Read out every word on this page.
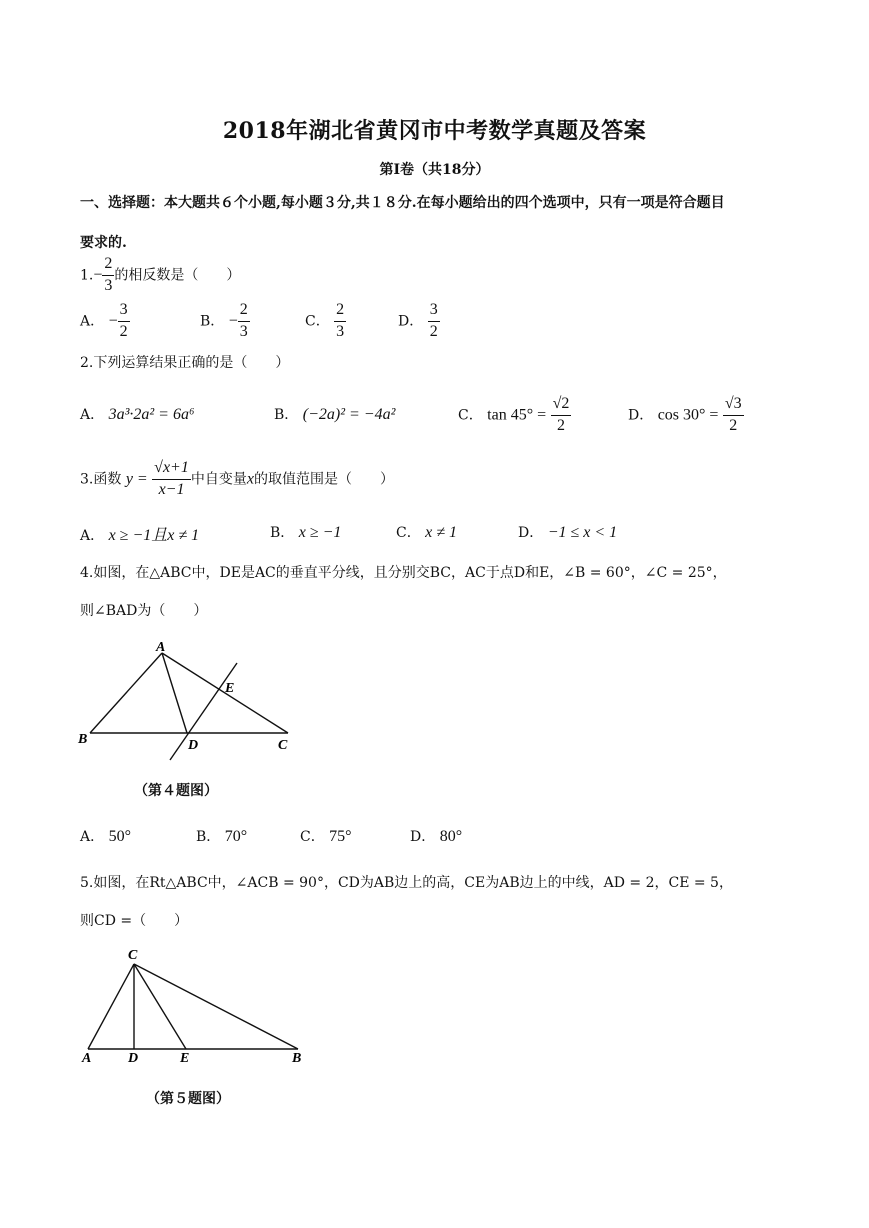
2018年湖北省黄冈市中考数学真题及答案
第Ⅰ卷（共18分）
一、选择题：本大题共６个小题,每小题３分,共１８分.在每小题给出的四个选项中，只有一项是符合题目
要求的.
$1.- \frac{2}{3}$ 的相反数是（　　）
A． − $\frac{3}{2}$	B． − $\frac{2}{3}$	C． $\frac{2}{3}$	D． $\frac{3}{2}$
2.下列运算结果正确的是（　　）
A． 3a³·2a² = 6a⁶	B． (−2a)² = −4a²	C． $\tan 45^\circ = \frac{√2}{2}$	D． $\cos 30^\circ = \frac{√3}{2}$
3.函数 $y = \frac{√x+1}{x-1}$ 中自变量x的取值范围是（　　）
A． x ≥ −1且x ≠ 1	B． x ≥ −1	C． x ≠ 1	D． −1 ≤ x < 1
4.如图，在△ABC中，DE是AC的垂直平分线，且分别交BC，AC于点D和E，∠B = 60°，∠C = 25°，
则∠BAD为（　　）
A
B	C
D
E
C
A	D	E	B
（第４题图）
A． 50°	B． 70°	C． 75°	D． 80°
5.如图，在Rt△ABC中，∠ACB = 90°，CD为AB边上的高，CE为AB边上的中线，AD = 2，CE = 5，
则CD =（　　）
（第５题图）
